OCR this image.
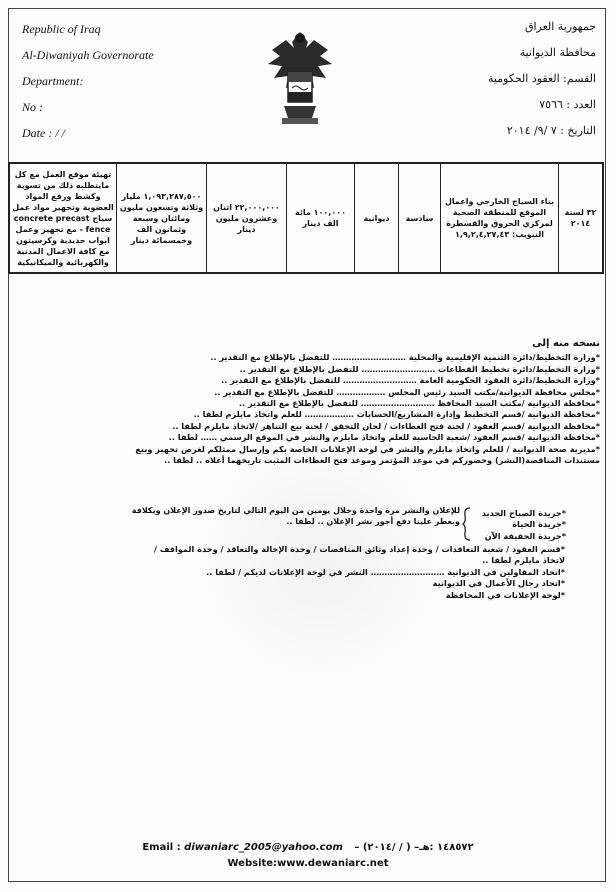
Republic of Iraq
Al-Diwaniyah Governorate
Department:
No :
Date : / /
جمهورية العراق
محافظة الديوانية
القسم: العقود الحكومية
العدد : ٧٥٦٦
التاريخ : ٧ /٩/ ٢٠١٤
٣٢ لسنة ٢٠١٤
بناء السياج الخارجي واعمال الموقع للمنطقة الصحية لمركزي الحروق والقسطرة التبويب: ١,٩,٢,٤,٢٧,٤٣
سادسة
ديوانية
١٠٠,٠٠٠ مائة الف دينار
٢٢,٠٠٠,٠٠٠ اثنان وعشرون مليون دينار
١,٠٩٣,٢٨٧,٥٠٠ مليار وثلاثة وتسعون مليون ومائتان وسبعة وثمانون الف وخمسمائة دينار
تهيئة موقع العمل مع كل مايتطلبه ذلك من تسوية وكشط ورفع المواد العضوية وتجهيز مواد عمل سياج concrete precast - fence مع تجهيز وعمل ابواب حديدية وكرسيتون مع كافة الاعمال المدنية والكهربائية والميكانيكية
نسخه منه إلى
*وزارة التخطيط/دائرة التنمية الإقليمية والمحلية ……………………… للتفضل بالإطلاع مع التقدير ..
*وزارة التخطيط/دائرة تخطيط القطاعات ……………………… للتفضل بالإطلاع مع التقدير ..
*وزارة التخطيط/دائرة العقود الحكومية العامة ……………………… للتفضل بالإطلاع مع التقدير ..
*مجلس محافظة الديوانية/مكتب السيد رئيس المجلس ……………… للتفضل بالإطلاع مع التقدير ..
*محافظة الديوانية /مكتب السيد المحافظ ……………………… للتفضل بالإطلاع مع التقدير ..
*محافظة الديوانية /قسم التخطيط وإدارة المشاريع/الحسابات ……………… للعلم واتخاذ مايلزم لطفا ..
*محافظة الديوانية /قسم العقود / لجنة فتح العطاءات / لجان التحقق / لجنة بيع التناهر /لاتخاذ مايلزم لطفا ..
*محافظة الديوانية /قسم العقود /شعبة الحاسبة للعلم واتخاذ مايلزم والنشر في الموقع الرسمي …… لطفا ..
*مديرية صحة الديوانية / للعلم واتخاذ مايلزم والنشر في لوحة الإعلانات الخاصة بكم وإرسال ممثلكم لغرض تجهيز وبيع
مستندات المناقصة(النشر) وحضوركم في موعد المؤتمر وموعد فتح العطاءات المثبت تاريخهما أعلاه .. لطفا ..
*جريدة الصباح الجديد
*جريدة الحياة
*جريدة الحقيقة الآن
للإعلان والنشر مرة واحدة وخلال يومين من اليوم التالي لتاريخ صدور الإعلان ويكلافة
وبعطر علينا دفع أجور نشر الإعلان .. لطفا ..
*قسم العقود / شعبة التعاقدات / وحدة إعداد وثائق المناقصات / وحدة الإحالة والتعاقد / وحدة المواقف / لاتخاذ مايلزم لطفا ..
*اتحاد المقاولين في الديوانية ……………………… النشر في لوحة الإعلانات لديكم / لطفا ..
*اتحاد رجال الأعمال في الديوانية
*لوحة الإعلانات في المحافظة
Email : diwaniarc_2005@yahoo.com – (٢٠١٤/ / ) –١٤٨٥٧٢ :هـ
Website:www.dewaniarc.net
